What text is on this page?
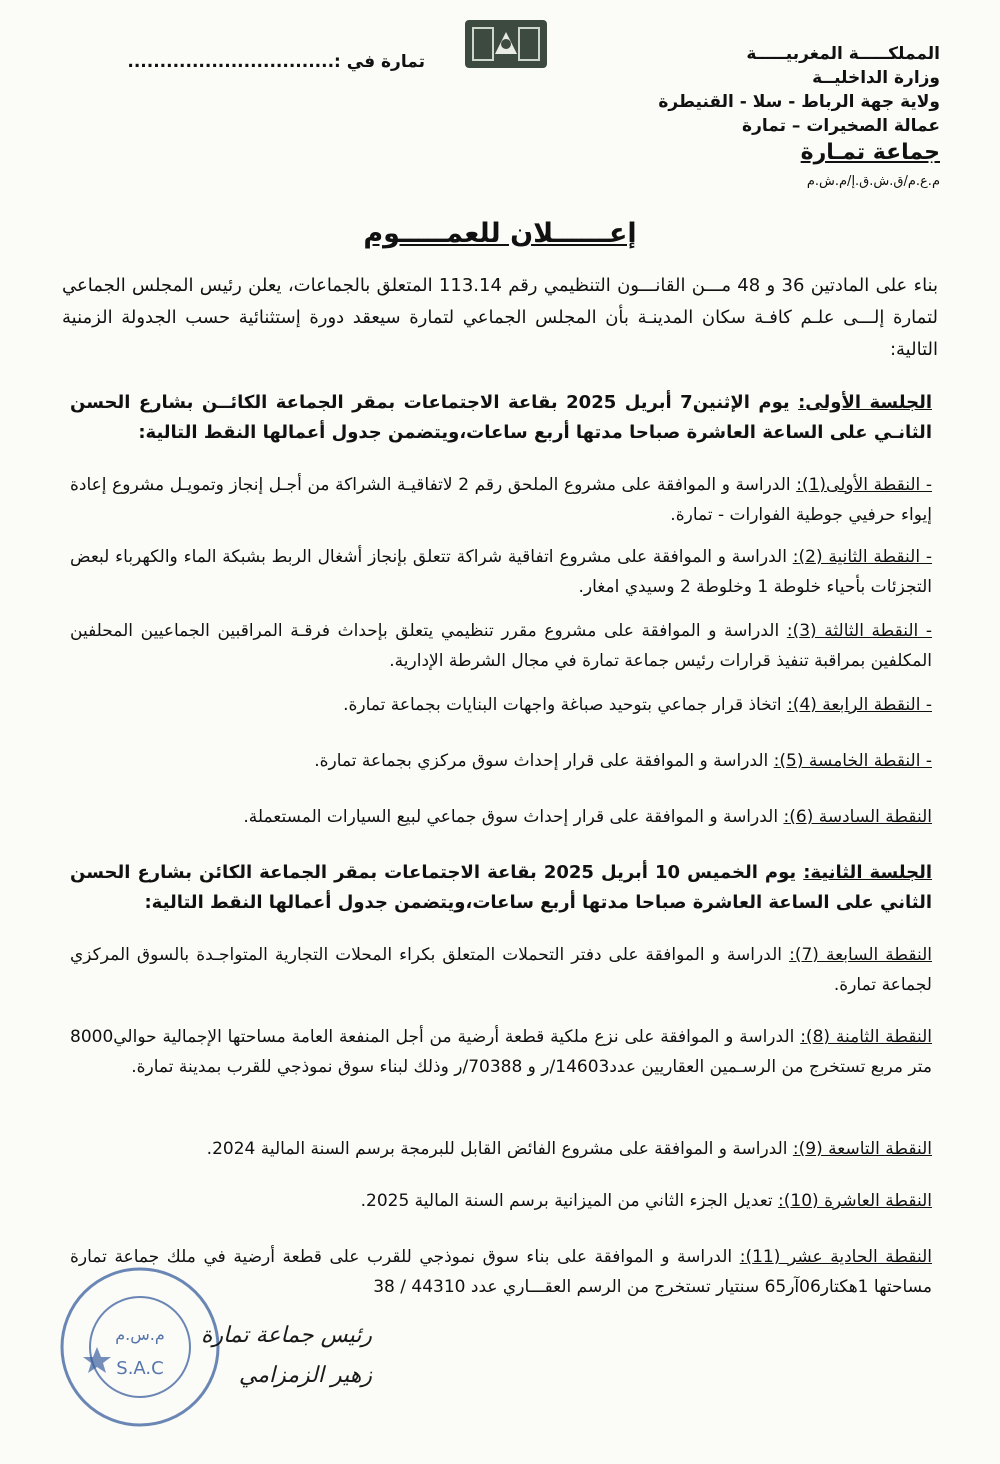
المملكـــــة المغربيـــــة
وزارة الداخليــة
ولاية جهة الرباط - سلا - القنيطرة
عمالة الصخيرات – تمارة
جماعة تمـارة
م.ع.م/ق.ش.ق.إ/م.ش.م
تمارة في :................................
إعــــــلان للعمـــــوم
بناء على المادتين 36 و 48 مـــن القانـــون التنظيمي رقم 113.14 المتعلق بالجماعات، يعلن رئيس المجلس الجماعي لتمارة إلـــى علـم كافـة سكان المدينـة بأن المجلس الجماعي لتمارة سيعقد دورة إستثنائية حسب الجدولة الزمنية التالية:
الجلسة الأولى: يوم الإثنين7 أبريل 2025 بقاعة الاجتماعات بمقر الجماعة الكائــن بشارع الحسن الثانـي على الساعة العاشرة صباحا مدتها أربع ساعات،ويتضمن جدول أعمالها النقط التالية:
- النقطة الأولى(1): الدراسة و الموافقة على مشروع الملحق رقم 2 لاتفاقيـة الشراكة من أجـل إنجاز وتمويـل مشروع إعادة إيواء حرفيي جوطية الفوارات - تمارة.
- النقطة الثانية (2): الدراسة و الموافقة على مشروع اتفاقية شراكة تتعلق بإنجاز أشغال الربط بشبكة الماء والكهرباء لبعض التجزئات بأحياء خلوطة 1 وخلوطة 2 وسيدي امغار.
- النقطة الثالثة (3): الدراسة و الموافقة على مشروع مقرر تنظيمي يتعلق بإحداث فرقـة المراقبين الجماعيين المحلفين المكلفين بمراقبة تنفيذ قرارات رئيس جماعة تمارة في مجال الشرطة الإدارية.
- النقطة الرابعة (4): اتخاذ قرار جماعي بتوحيد صباغة واجهات البنايات بجماعة تمارة.
- النقطة الخامسة (5): الدراسة و الموافقة على قرار إحداث سوق مركزي بجماعة تمارة.
النقطة السادسة (6): الدراسة و الموافقة على قرار إحداث سوق جماعي لبيع السيارات المستعملة.
الجلسة الثانية: يوم الخميس 10 أبريل 2025 بقاعة الاجتماعات بمقر الجماعة الكائن بشارع الحسن الثاني على الساعة العاشرة صباحا مدتها أربع ساعات،ويتضمن جدول أعمالها النقط التالية:
النقطة السابعة (7): الدراسة و الموافقة على دفتر التحملات المتعلق بكراء المحلات التجارية المتواجـدة بالسوق المركزي لجماعة تمارة.
النقطة الثامنة (8): الدراسة و الموافقة على نزع ملكية قطعة أرضية من أجل المنفعة العامة مساحتها الإجمالية حوالي8000 متر مربع تستخرج من الرسـمين العقاريين عدد14603/ر و 70388/ر وذلك لبناء سوق نموذجي للقرب بمدينة تمارة.
النقطة التاسعة (9): الدراسة و الموافقة على مشروع الفائض القابل للبرمجة برسم السنة المالية 2024.
النقطة العاشرة (10): تعديل الجزء الثاني من الميزانية برسم السنة المالية 2025.
النقطة الحادية عشر (11): الدراسة و الموافقة على بناء سوق نموذجي للقرب على قطعة أرضية في ملك جماعة تمارة مساحتها 1هكتار06آر65 سنتيار تستخرج من الرسم العقـــاري عدد 44310 / 38
م.س.م
S.A.C
رئيس جماعة تمارة
زهير الزمزامي
